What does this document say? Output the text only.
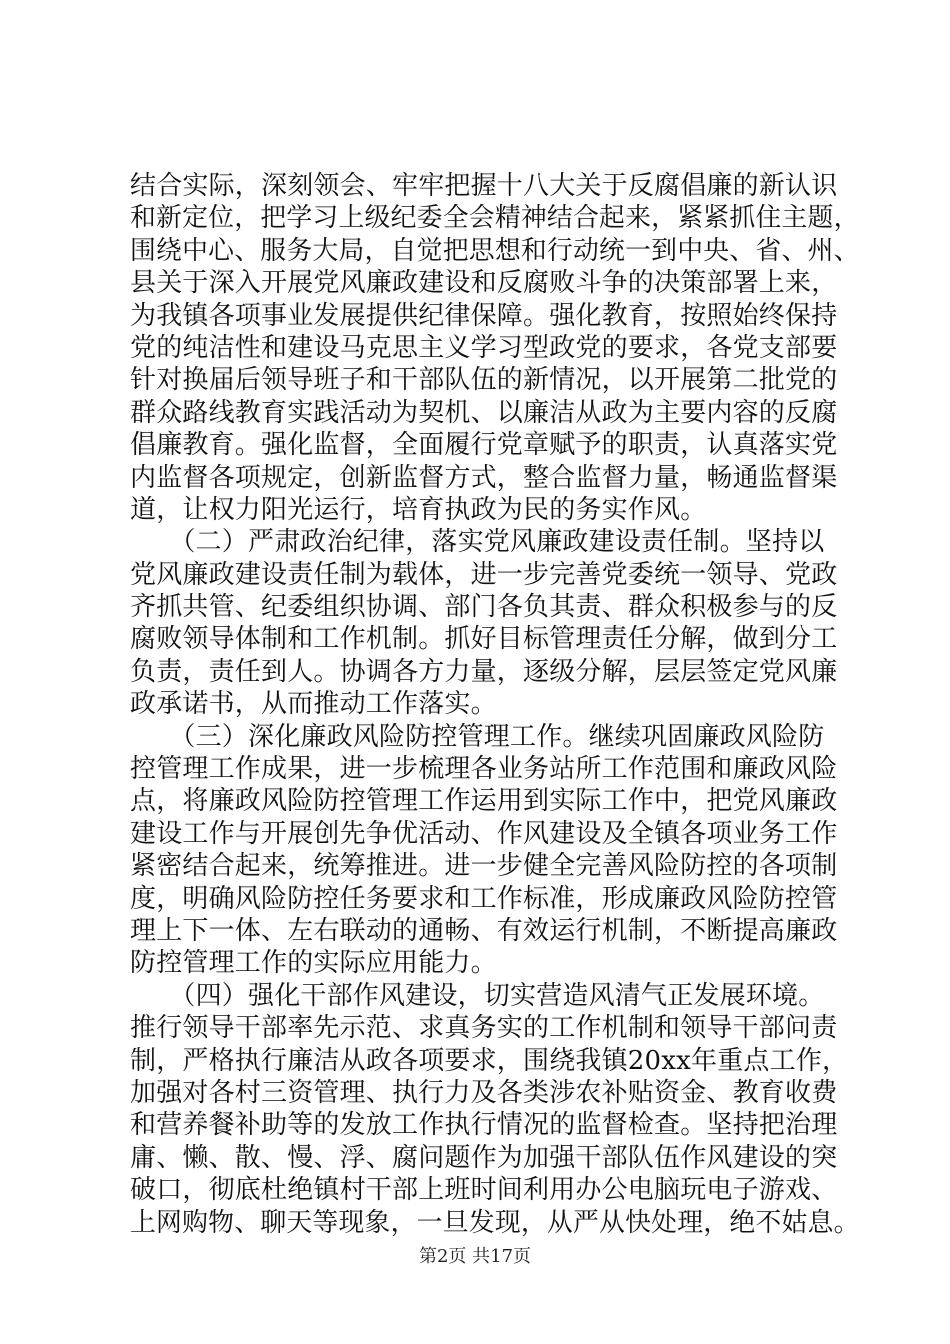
结合实际，深刻领会、牢牢把握十八大关于反腐倡廉的新认识
和新定位，把学习上级纪委全会精神结合起来，紧紧抓住主题，
围绕中心、服务大局，自觉把思想和行动统一到中央、省、州、
县关于深入开展党风廉政建设和反腐败斗争的决策部署上来，
为我镇各项事业发展提供纪律保障。强化教育，按照始终保持
党的纯洁性和建设马克思主义学习型政党的要求，各党支部要
针对换届后领导班子和干部队伍的新情况，以开展第二批党的
群众路线教育实践活动为契机、以廉洁从政为主要内容的反腐
倡廉教育。强化监督，全面履行党章赋予的职责，认真落实党
内监督各项规定，创新监督方式，整合监督力量，畅通监督渠
道，让权力阳光运行，培育执政为民的务实作风。
　　（二）严肃政治纪律，落实党风廉政建设责任制。坚持以
党风廉政建设责任制为载体，进一步完善党委统一领导、党政
齐抓共管、纪委组织协调、部门各负其责、群众积极参与的反
腐败领导体制和工作机制。抓好目标管理责任分解，做到分工
负责，责任到人。协调各方力量，逐级分解，层层签定党风廉
政承诺书，从而推动工作落实。
　　（三）深化廉政风险防控管理工作。继续巩固廉政风险防
控管理工作成果，进一步梳理各业务站所工作范围和廉政风险
点，将廉政风险防控管理工作运用到实际工作中，把党风廉政
建设工作与开展创先争优活动、作风建设及全镇各项业务工作
紧密结合起来，统筹推进。进一步健全完善风险防控的各项制
度，明确风险防控任务要求和工作标准，形成廉政风险防控管
理上下一体、左右联动的通畅、有效运行机制，不断提高廉政
防控管理工作的实际应用能力。
　　（四）强化干部作风建设，切实营造风清气正发展环境。
推行领导干部率先示范、求真务实的工作机制和领导干部问责
制，严格执行廉洁从政各项要求，围绕我镇20xx年重点工作，
加强对各村三资管理、执行力及各类涉农补贴资金、教育收费
和营养餐补助等的发放工作执行情况的监督检查。坚持把治理
庸、懒、散、慢、浮、腐问题作为加强干部队伍作风建设的突
破口，彻底杜绝镇村干部上班时间利用办公电脑玩电子游戏、
上网购物、聊天等现象，一旦发现，从严从快处理，绝不姑息。
第2页 共17页
